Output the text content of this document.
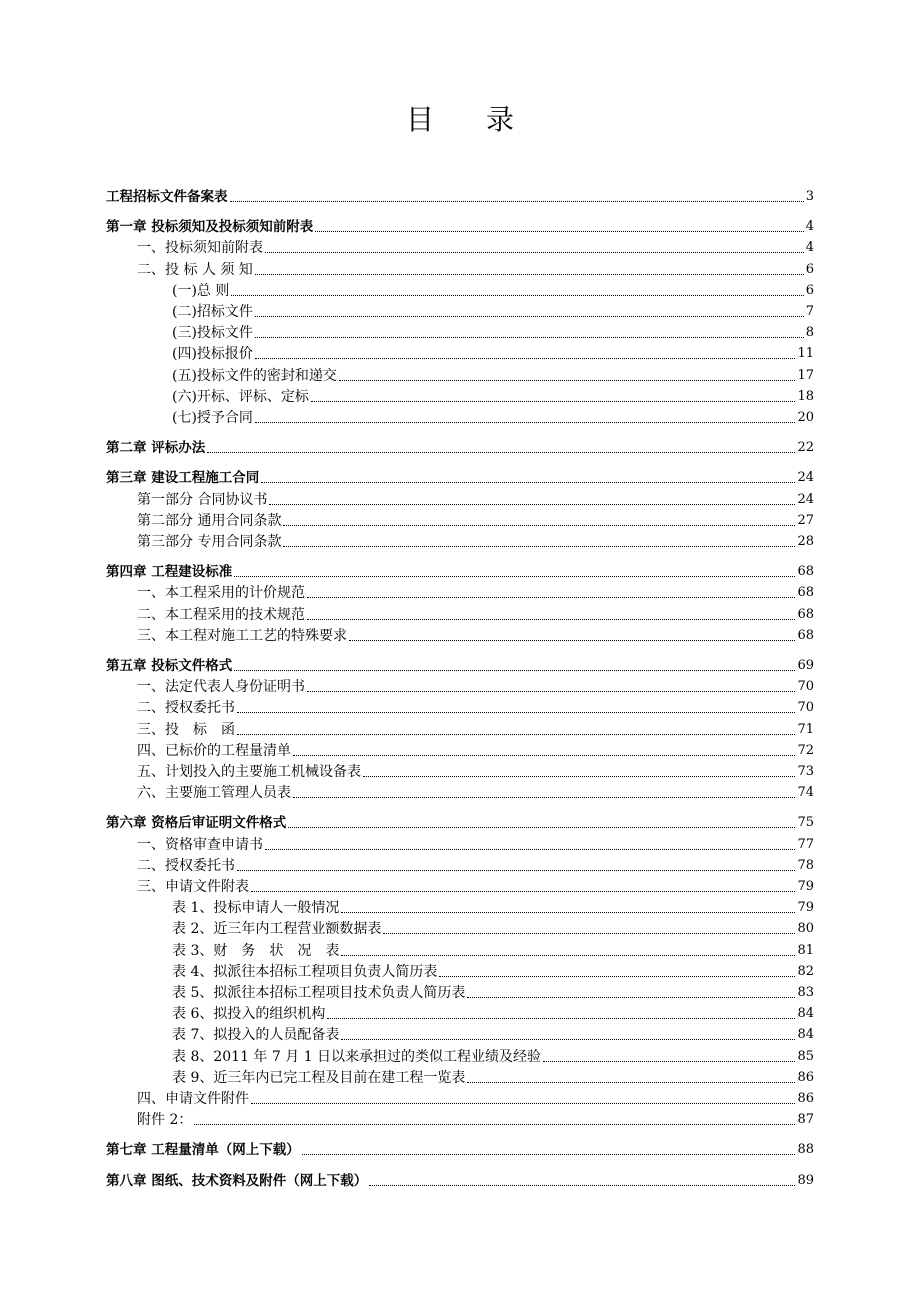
目录
工程招标文件备案表	3
第一章 投标须知及投标须知前附表	4
一、投标须知前附表	4
二、投 标 人 须 知	6
(一)总 则	6
(二)招标文件	7
(三)投标文件	8
(四)投标报价	11
(五)投标文件的密封和递交	17
(六)开标、评标、定标	18
(七)授予合同	20
第二章 评标办法	22
第三章 建设工程施工合同	24
第一部分 合同协议书	24
第二部分 通用合同条款	27
第三部分 专用合同条款	28
第四章 工程建设标准	68
一、本工程采用的计价规范	68
二、本工程采用的技术规范	68
三、本工程对施工工艺的特殊要求	68
第五章 投标文件格式	69
一、法定代表人身份证明书	70
二、授权委托书	70
三、投　标　函	71
四、已标价的工程量清单	72
五、计划投入的主要施工机械设备表	73
六、主要施工管理人员表	74
第六章 资格后审证明文件格式	75
一、资格审查申请书	77
二、授权委托书	78
三、申请文件附表	79
表 1、投标申请人一般情况	79
表 2、近三年内工程营业额数据表	80
表 3、财　务　状　况　表	81
表 4、拟派往本招标工程项目负责人简历表	82
表 5、拟派往本招标工程项目技术负责人简历表	83
表 6、拟投入的组织机构	84
表 7、拟投入的人员配备表	84
表 8、2011 年 7 月 1 日以来承担过的类似工程业绩及经验	85
表 9、近三年内已完工程及目前在建工程一览表	86
四、申请文件附件	86
附件 2：	87
第七章 工程量清单（网上下载）	88
第八章 图纸、技术资料及附件（网上下载）	89
